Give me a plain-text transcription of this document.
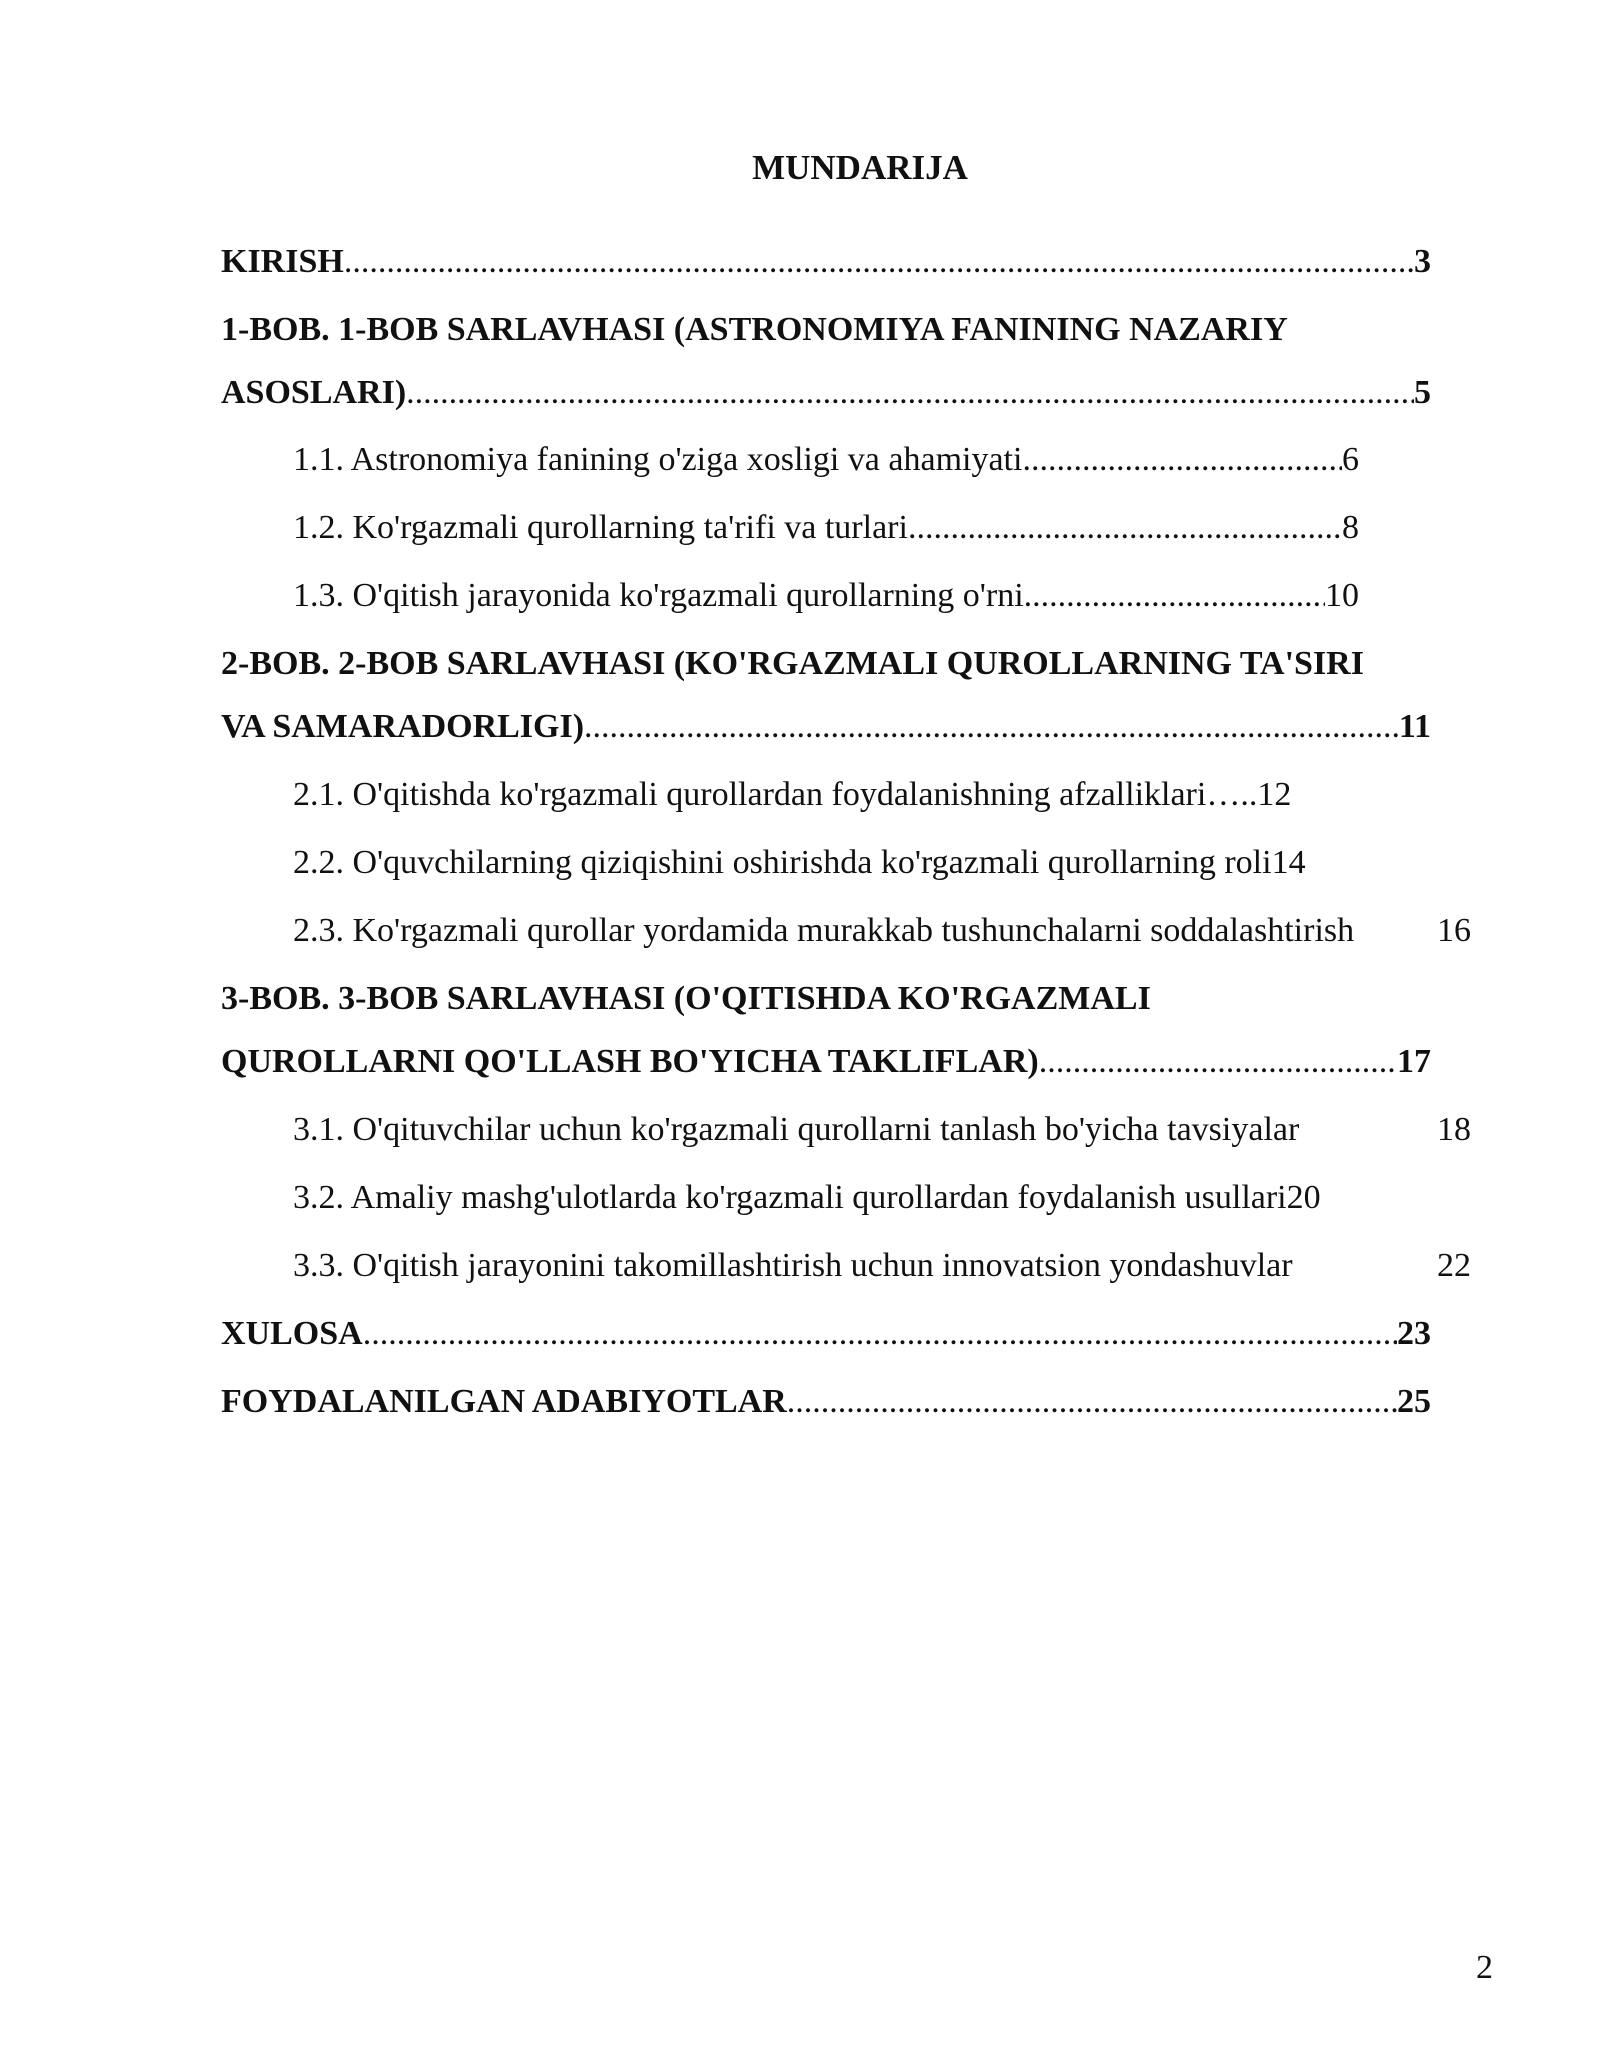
MUNDARIJA
KIRISH .....	3
1-BOB. 1-BOB SARLAVHASI (ASTRONOMIYA FANINING NAZARIY
ASOSLARI) .....	5
1.1. Astronomiya fanining o'ziga xosligi va ahamiyati .....	6
1.2. Ko'rgazmali qurollarning ta'rifi va turlari .....	8
1.3. O'qitish jarayonida ko'rgazmali qurollarning o'rni .....	10
2-BOB. 2-BOB SARLAVHASI (KO'RGAZMALI QUROLLARNING TA'SIRI
VA SAMARADORLIGI) .....	11
2.1. O'qitishda ko'rgazmali qurollardan foydalanishning afzalliklari…..12
2.2. O'quvchilarning qiziqishini oshirishda ko'rgazmali qurollarning roli14
2.3. Ko'rgazmali qurollar yordamida murakkab tushunchalarni soddalashtirish 16
3-BOB. 3-BOB SARLAVHASI (O'QITISHDA KO'RGAZMALI
QUROLLARNI QO'LLASH BO'YICHA TAKLIFLAR) .....	17
3.1. O'qituvchilar uchun ko'rgazmali qurollarni tanlash bo'yicha tavsiyalar	18
3.2. Amaliy mashg'ulotlarda ko'rgazmali qurollardan foydalanish usullari20
3.3. O'qitish jarayonini takomillashtirish uchun innovatsion yondashuvlar	22
XULOSA .....	23
FOYDALANILGAN ADABIYOTLAR .....	25
2
